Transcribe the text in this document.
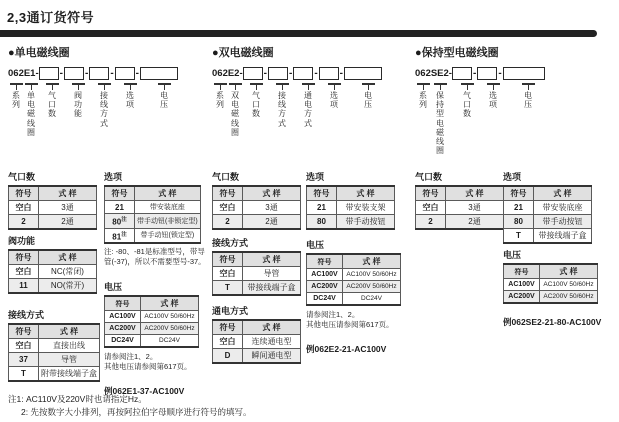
2,3通订货符号
●单电磁线圈
062E1- - - - -
系列
单电磁线圈
气口数
阀功能
接线方式
选项
电压
气口数
符号	式 样
空白	3通
2	2通
阀功能
符号	式 样
空白	NC(常闭)
11	NO(常开)
接线方式
符号	式 样
空白	直接出线
37	导管
T	附带接线端子盒
选项
符号	式 样
21	带安装底座
80$^注$	带手动钮(非锁定型)
81$^注$	带手动钮(锁定型)
注: -80、-81是标准型号，带导管(-37)，所以不需要型号-37。
电压
符号	式 样
AC100V	AC100V 50/60Hz
AC200V	AC200V 50/60Hz
DC24V	DC24V
请参阅注1、2。
其他电压请参阅第617页。
例062E1-37-AC100V
●双电磁线圈
062E2- - - - -
系列
双电磁线圈
气口数
接线方式
通电方式
选项
电压
气口数
符号	式 样
空白	3通
2	2通
接线方式
符号	式 样
空白	导管
T	带接线端子盒
通电方式
符号	式 样
空白	连续通电型
D	瞬间通电型
选项
符号	式 样
21	带安装支架
80	带手动按钮
电压
符号	式 样
AC100V	AC100V 50/60Hz
AC200V	AC200V 50/60Hz
DC24V	DC24V
请参阅注1、2。
其他电压请参阅第617页。
例062E2-21-AC100V
●保持型电磁线圈
062SE2- - -
系列
保持型电磁线圈
气口数
选项
电压
气口数
符号	式 样
空白	3通
2	2通
选项
符号	式 样
21	带安装底座
80	带手动按钮
T	带接线端子盒
电压
符号	式 样
AC100V	AC100V 50/60Hz
AC200V	AC200V 50/60Hz
例062SE2-21-80-AC100V
注1: AC110V及220V时也请指定Hz。
2: 先按数字大小排列，再按阿拉伯字母顺序进行符号的填写。
